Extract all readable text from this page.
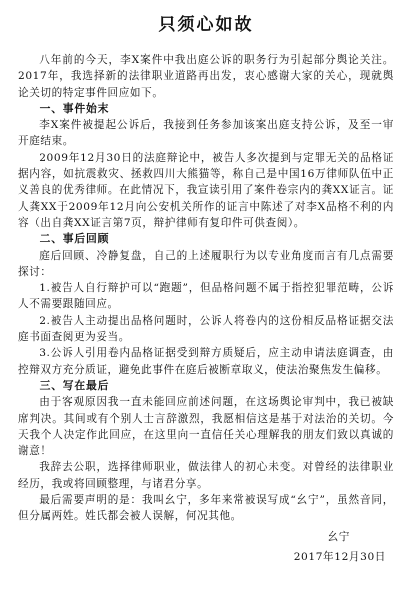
只须心如故

八年前的今天，李X案件中我出庭公诉的职务行为引起部分舆论关注。2017年，我选择新的法律职业道路再出发，衷心感谢大家的关心，现就舆论关切的特定事件回应如下。

一、事件始末

李X案件被提起公诉后，我接到任务参加该案出庭支持公诉，及至一审开庭结束。

2009年12月30日的法庭辩论中，被告人多次提到与定罪无关的品格证据内容，如抗震救灾、拯救四川大熊猫等，称自己是中国16万律师队伍中正义善良的优秀律师。在此情况下，我宣读引用了案件卷宗内的龚XX证言。证人龚XX于2009年12月向公安机关所作的证言中陈述了对李X品格不利的内容（出自龚XX证言第7页，辩护律师有复印件可供查阅）。

二、事后回顾

庭后回顾、冷静复盘，自己的上述履职行为以专业角度而言有几点需要探讨：

1.被告人自行辩护可以“跑题”，但品格问题不属于指控犯罪范畴，公诉人不需要跟随回应。

2.被告人主动提出品格问题时，公诉人将卷内的这份相反品格证据交法庭书面查阅更为妥当。

3.公诉人引用卷内品格证据受到辩方质疑后，应主动申请法庭调查，由控辩双方充分质证，避免此事件在庭后被断章取义，使法治聚焦发生偏移。

三、写在最后

由于客观原因我一直未能回应前述问题，在这场舆论审判中，我已被缺席判决。其间或有个别人士言辞激烈，我愿相信这是基于对法治的关切。今天我个人决定作此回应，在这里向一直信任关心理解我的朋友们致以真诚的谢意！

我辞去公职，选择律师职业，做法律人的初心未变。对曾经的法律职业经历，我或将回顾整理，与诸君分享。

最后需要声明的是：我叫幺宁，多年来常被误写成“幺宁”，虽然音同，但分属两姓。姓氏都会被人误解，何况其他。

幺宁
2017年12月30日
